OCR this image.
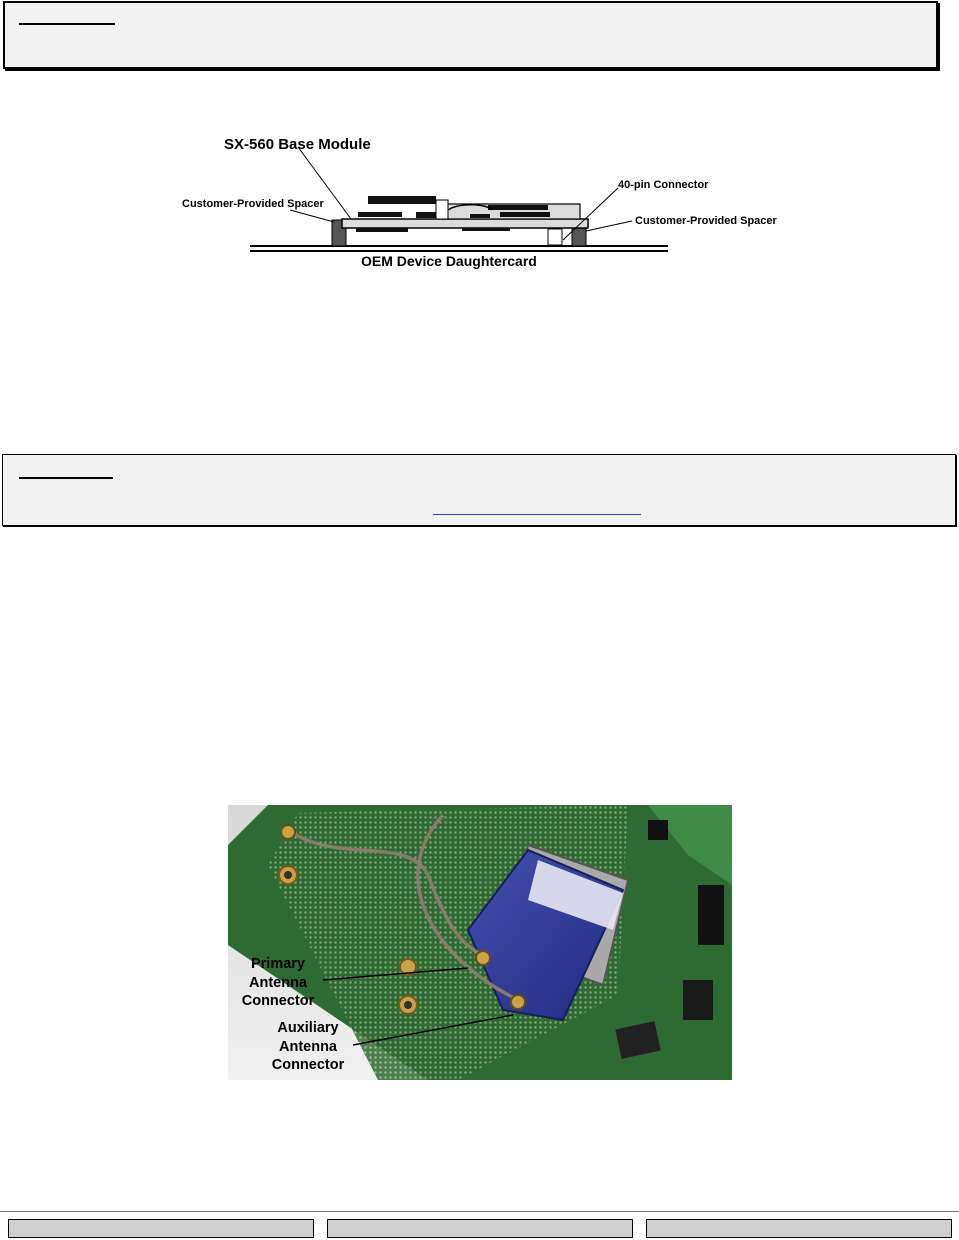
SX-560 Base Module
Customer-Provided Spacer
40-pin Connector
Customer-Provided Spacer
OEM Device Daughtercard
Primary
Antenna
Connector
Auxiliary
Antenna
Connector
